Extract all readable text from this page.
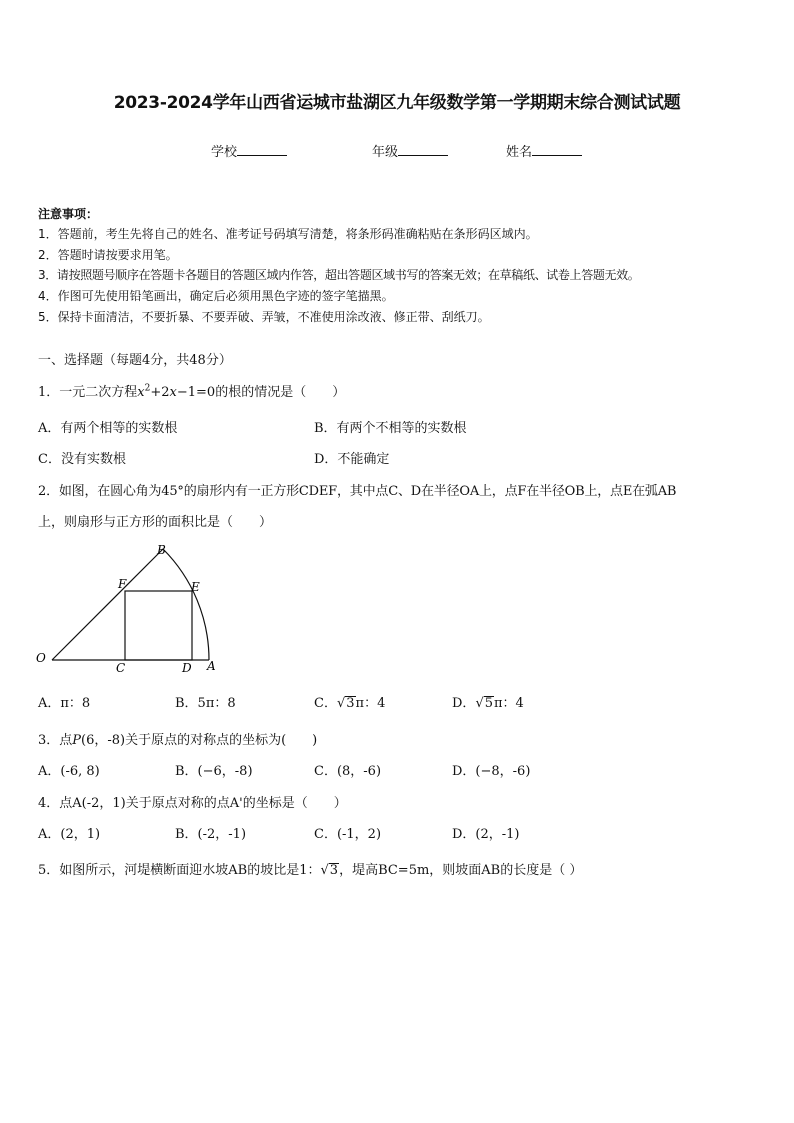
2023-2024学年山西省运城市盐湖区九年级数学第一学期期末综合测试试题
学校	年级	姓名
注意事项：
1．答题前，考生先将自己的姓名、准考证号码填写清楚，将条形码准确粘贴在条形码区域内。
2．答题时请按要求用笔。
3．请按照题号顺序在答题卡各题目的答题区域内作答，超出答题区域书写的答案无效；在草稿纸、试卷上答题无效。
4．作图可先使用铅笔画出，确定后必须用黑色字迹的签字笔描黑。
5．保持卡面清洁，不要折暴、不要弄破、弄皱，不准使用涂改液、修正带、刮纸刀。
一、选择题（每题4分，共48分）
1．一元二次方程$x^2+2x-1=0$的根的情况是（　　）
A．有两个相等的实数根	B．有两个不相等的实数根
C．没有实数根	D．不能确定
2．如图，在圆心角为45°的扇形内有一正方形CDEF，其中点C、D在半径OA上，点F在半径OB上，点E在弧AB
上，则扇形与正方形的面积比是（　　）
O
A
B
C	D
E
F
A．π：8	B．5π：8	C．√3π：4	D．√5π：4
3．点P(6，-8)关于原点的对称点的坐标为(　　)
A．(-6, 8)	B．(−6，-8)	C．(8，-6)	D．(−8，-6)
4．点A(-2，1)关于原点对称的点A'的坐标是（　　）
A．(2，1)	B．(-2，-1)	C．(-1，2)	D．(2，-1)
5．如图所示，河堤横断面迎水坡AB的坡比是1：√3，堤高BC=5m，则坡面AB的长度是（ ）
